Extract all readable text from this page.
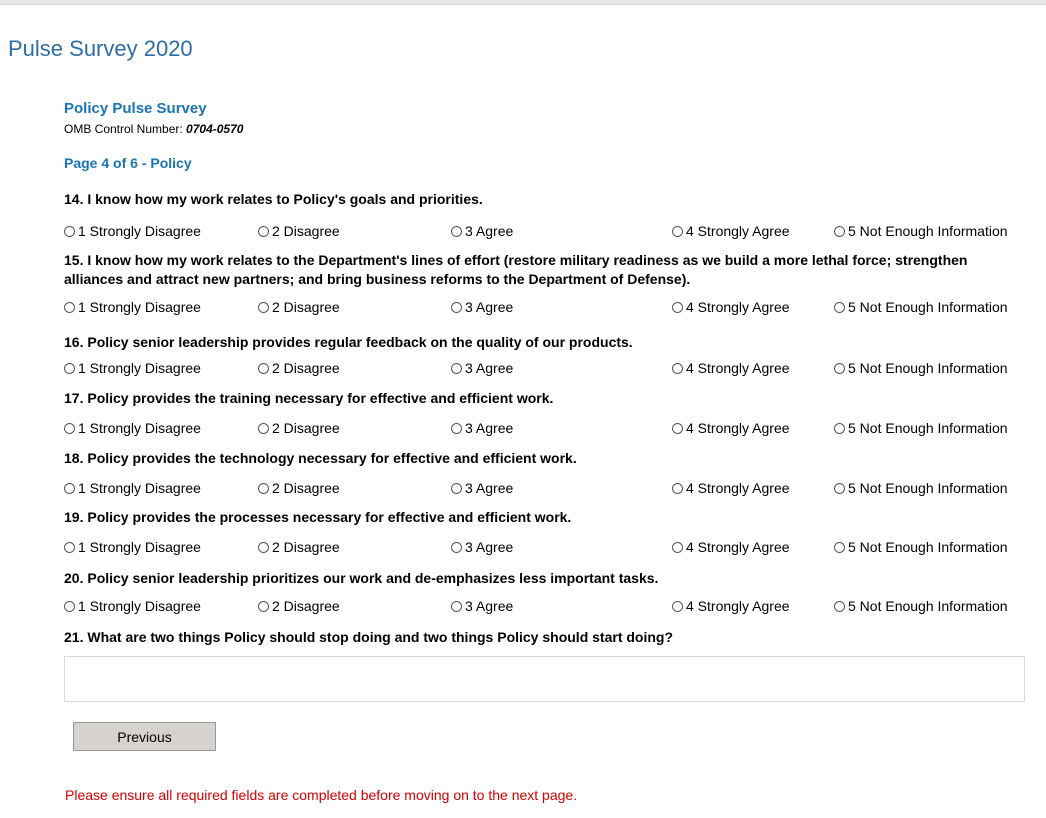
Pulse Survey 2020
Policy Pulse Survey
OMB Control Number: 0704-0570
Page 4 of 6 - Policy
14. I know how my work relates to Policy's goals and priorities.
1 Strongly Disagree	2 Disagree	3 Agree	4 Strongly Agree	5 Not Enough Information
15. I know how my work relates to the Department's lines of effort (restore military readiness as we build a more lethal force; strengthen alliances and attract new partners; and bring business reforms to the Department of Defense).
1 Strongly Disagree	2 Disagree	3 Agree	4 Strongly Agree	5 Not Enough Information
16. Policy senior leadership provides regular feedback on the quality of our products.
1 Strongly Disagree	2 Disagree	3 Agree	4 Strongly Agree	5 Not Enough Information
17. Policy provides the training necessary for effective and efficient work.
1 Strongly Disagree	2 Disagree	3 Agree	4 Strongly Agree	5 Not Enough Information
18. Policy provides the technology necessary for effective and efficient work.
1 Strongly Disagree	2 Disagree	3 Agree	4 Strongly Agree	5 Not Enough Information
19. Policy provides the processes necessary for effective and efficient work.
1 Strongly Disagree	2 Disagree	3 Agree	4 Strongly Agree	5 Not Enough Information
20. Policy senior leadership prioritizes our work and de-emphasizes less important tasks.
1 Strongly Disagree	2 Disagree	3 Agree	4 Strongly Agree	5 Not Enough Information
21. What are two things Policy should stop doing and two things Policy should start doing?
Previous
Please ensure all required fields are completed before moving on to the next page.
